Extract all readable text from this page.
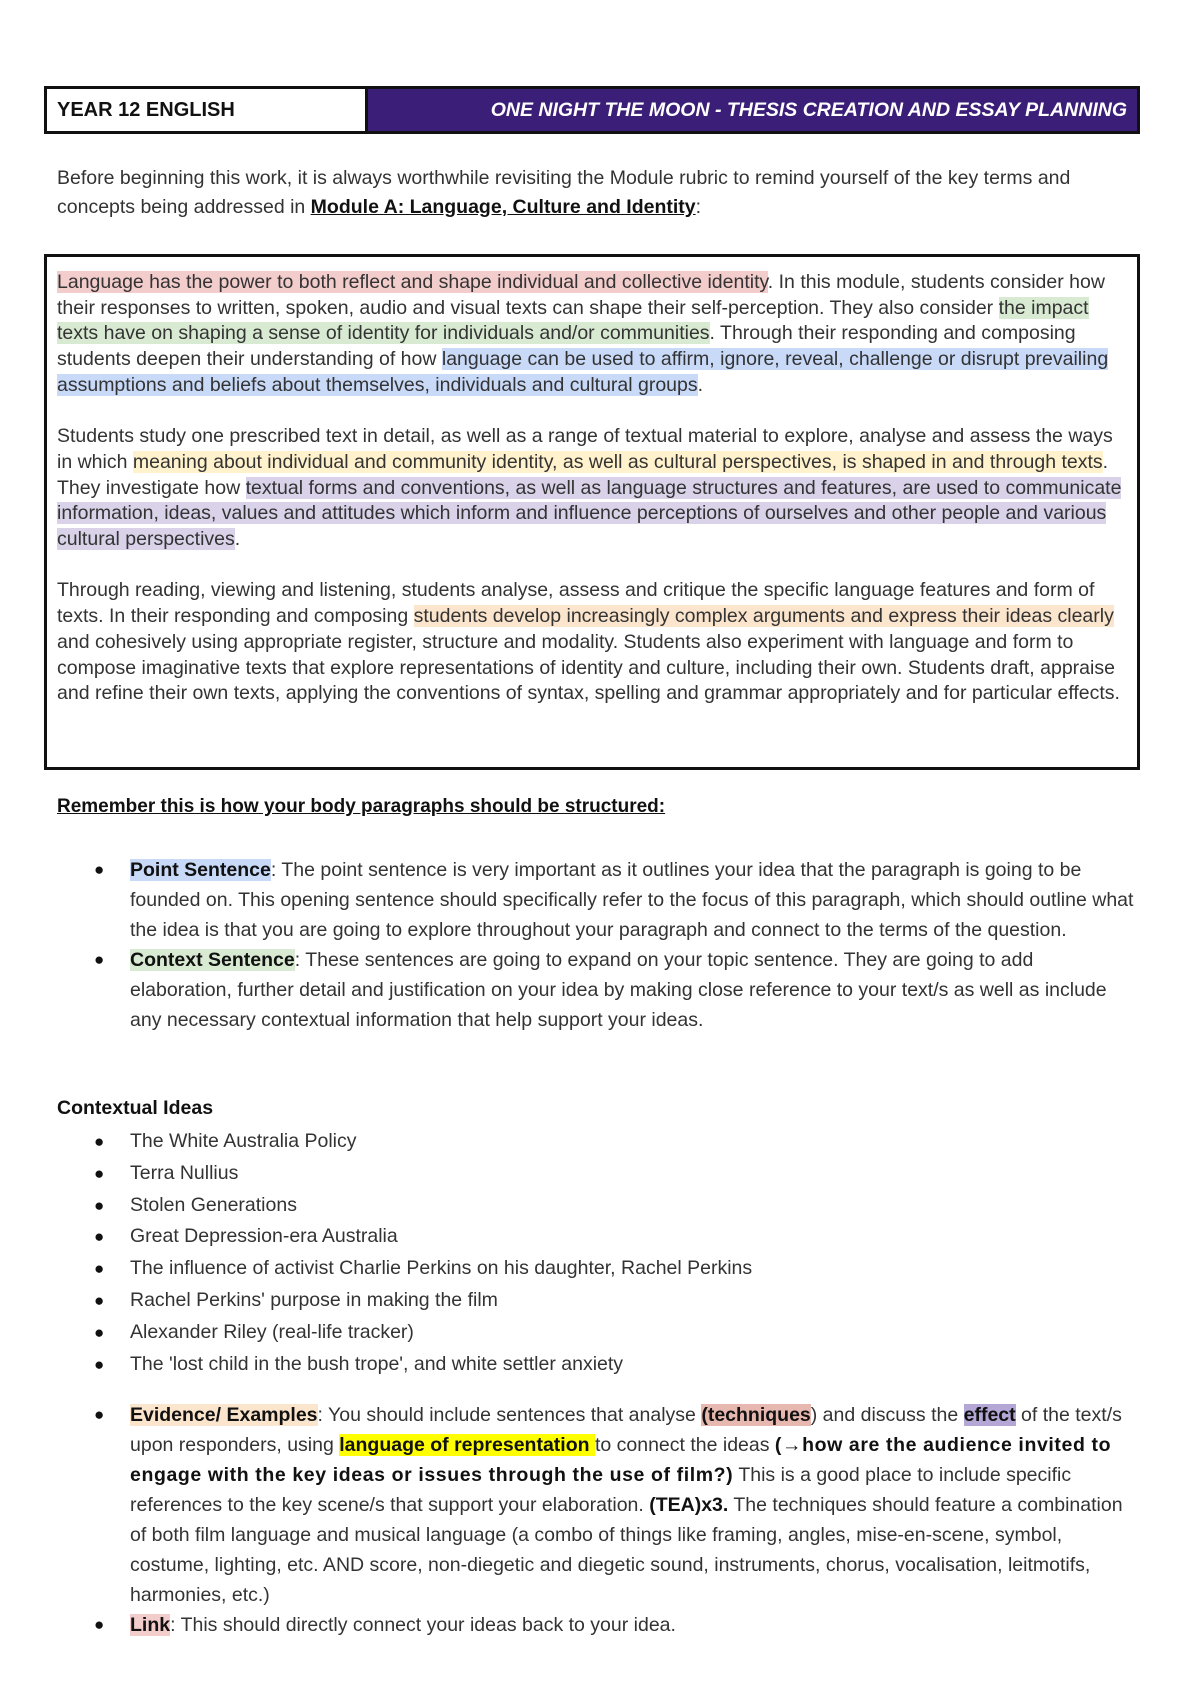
YEAR 12 ENGLISH	ONE NIGHT THE MOON - THESIS CREATION AND ESSAY PLANNING
Before beginning this work, it is always worthwhile revisiting the Module rubric to remind yourself of the key terms and concepts being addressed in Module A: Language, Culture and Identity:

Language has the power to both reflect and shape individual and collective identity. In this module, students consider how their responses to written, spoken, audio and visual texts can shape their self-perception. They also consider the impact texts have on shaping a sense of identity for individuals and/or communities. Through their responding and composing students deepen their understanding of how language can be used to affirm, ignore, reveal, challenge or disrupt prevailing assumptions and beliefs about themselves, individuals and cultural groups.

Students study one prescribed text in detail, as well as a range of textual material to explore, analyse and assess the ways in which meaning about individual and community identity, as well as cultural perspectives, is shaped in and through texts. They investigate how textual forms and conventions, as well as language structures and features, are used to communicate information, ideas, values and attitudes which inform and influence perceptions of ourselves and other people and various cultural perspectives.

Through reading, viewing and listening, students analyse, assess and critique the specific language features and form of texts. In their responding and composing students develop increasingly complex arguments and express their ideas clearly and cohesively using appropriate register, structure and modality. Students also experiment with language and form to compose imaginative texts that explore representations of identity and culture, including their own. Students draft, appraise and refine their own texts, applying the conventions of syntax, spelling and grammar appropriately and for particular effects.

Remember this is how your body paragraphs should be structured:
● Point Sentence: The point sentence is very important as it outlines your idea that the paragraph is going to be founded on. This opening sentence should specifically refer to the focus of this paragraph, which should outline what the idea is that you are going to explore throughout your paragraph and connect to the terms of the question.
● Context Sentence: These sentences are going to expand on your topic sentence. They are going to add elaboration, further detail and justification on your idea by making close reference to your text/s as well as include any necessary contextual information that help support your ideas.
Contextual Ideas
● The White Australia Policy
● Terra Nullius
● Stolen Generations
● Great Depression-era Australia
● The influence of activist Charlie Perkins on his daughter, Rachel Perkins
● Rachel Perkins' purpose in making the film
● Alexander Riley (real-life tracker)
● The 'lost child in the bush trope', and white settler anxiety
● Evidence/ Examples: You should include sentences that analyse (techniques) and discuss the effect of the text/s upon responders, using language of representation to connect the ideas (→how are the audience invited to engage with the key ideas or issues through the use of film?) This is a good place to include specific references to the key scene/s that support your elaboration. (TEA)x3. The techniques should feature a combination of both film language and musical language (a combo of things like framing, angles, mise-en-scene, symbol, costume, lighting, etc. AND score, non-diegetic and diegetic sound, instruments, chorus, vocalisation, leitmotifs, harmonies, etc.)
● Link: This should directly connect your ideas back to your idea.
